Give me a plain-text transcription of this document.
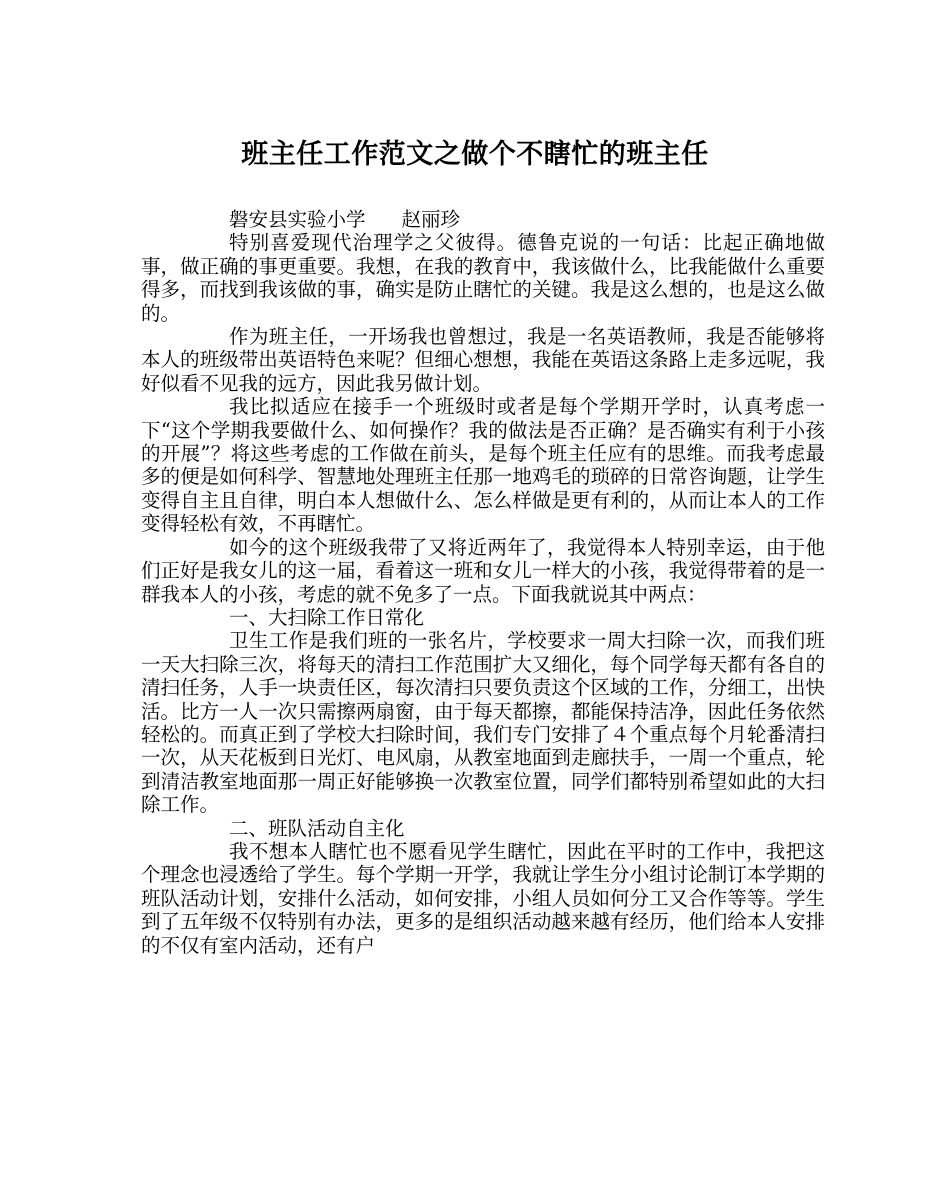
班主任工作范文之做个不瞎忙的班主任
磐安县实验小学 赵丽珍

特别喜爱现代治理学之父彼得。德鲁克说的一句话：比起正确地做事，做正确的事更重要。我想，在我的教育中，我该做什么，比我能做什么重要得多，而找到我该做的事，确实是防止瞎忙的关键。我是这么想的，也是这么做的。

作为班主任，一开场我也曾想过，我是一名英语教师，我是否能够将本人的班级带出英语特色来呢？但细心想想，我能在英语这条路上走多远呢，我好似看不见我的远方，因此我另做计划。

我比拟适应在接手一个班级时或者是每个学期开学时，认真考虑一下“这个学期我要做什么、如何操作？我的做法是否正确？是否确实有利于小孩的开展”？将这些考虑的工作做在前头，是每个班主任应有的思维。而我考虑最多的便是如何科学、智慧地处理班主任那一地鸡毛的琐碎的日常咨询题，让学生变得自主且自律，明白本人想做什么、怎么样做是更有利的，从而让本人的工作变得轻松有效，不再瞎忙。

如今的这个班级我带了又将近两年了，我觉得本人特别幸运，由于他们正好是我女儿的这一届，看着这一班和女儿一样大的小孩，我觉得带着的是一群我本人的小孩，考虑的就不免多了一点。下面我就说其中两点：

一、大扫除工作日常化

卫生工作是我们班的一张名片，学校要求一周大扫除一次，而我们班一天大扫除三次，将每天的清扫工作范围扩大又细化，每个同学每天都有各自的清扫任务，人手一块责任区，每次清扫只要负责这个区域的工作，分细工，出快活。比方一人一次只需擦两扇窗，由于每天都擦，都能保持洁净，因此任务依然轻松的。而真正到了学校大扫除时间，我们专门安排了４个重点每个月轮番清扫一次，从天花板到日光灯、电风扇，从教室地面到走廊扶手，一周一个重点，轮到清洁教室地面那一周正好能够换一次教室位置，同学们都特别希望如此的大扫除工作。

二、班队活动自主化

我不想本人瞎忙也不愿看见学生瞎忙，因此在平时的工作中，我把这个理念也浸透给了学生。每个学期一开学，我就让学生分小组讨论制订本学期的班队活动计划，安排什么活动，如何安排，小组人员如何分工又合作等等。学生到了五年级不仅特别有办法，更多的是组织活动越来越有经历，他们给本人安排的不仅有室内活动，还有户
